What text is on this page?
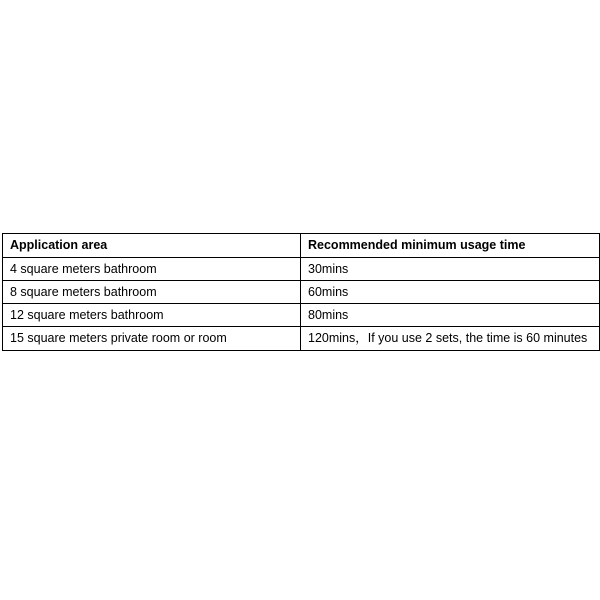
Application area	Recommended minimum usage time
4 square meters bathroom	30mins
8 square meters bathroom	60mins
12 square meters bathroom	80mins
15 square meters private room or room	120mins，If you use 2 sets, the time is 60 minutes
